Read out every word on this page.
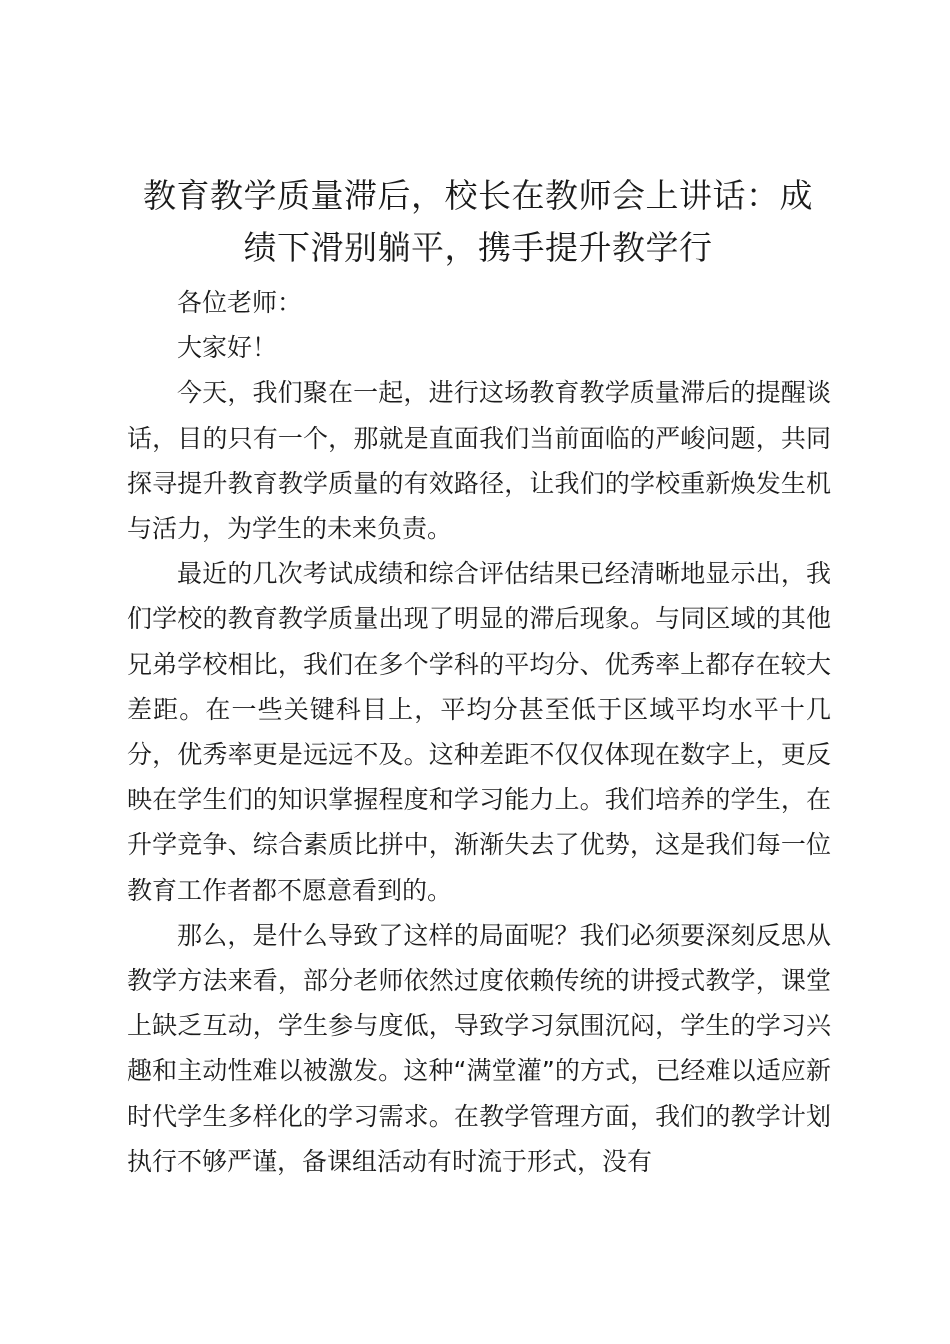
教育教学质量滞后，校长在教师会上讲话：成
绩下滑别躺平，携手提升教学行

各位老师：

大家好！

今天，我们聚在一起，进行这场教育教学质量滞后的提醒谈话，目的只有一个，那就是直面我们当前面临的严峻问题，共同探寻提升教育教学质量的有效路径，让我们的学校重新焕发生机与活力，为学生的未来负责。

最近的几次考试成绩和综合评估结果已经清晰地显示出，我们学校的教育教学质量出现了明显的滞后现象。与同区域的其他兄弟学校相比，我们在多个学科的平均分、优秀率上都存在较大差距。在一些关键科目上，平均分甚至低于区域平均水平十几分，优秀率更是远远不及。这种差距不仅仅体现在数字上，更反映在学生们的知识掌握程度和学习能力上。我们培养的学生，在升学竞争、综合素质比拼中，渐渐失去了优势，这是我们每一位教育工作者都不愿意看到的。

那么，是什么导致了这样的局面呢？我们必须要深刻反思从教学方法来看，部分老师依然过度依赖传统的讲授式教学，课堂上缺乏互动，学生参与度低，导致学习氛围沉闷，学生的学习兴趣和主动性难以被激发。这种“满堂灌”的方式，已经难以适应新时代学生多样化的学习需求。在教学管理方面，我们的教学计划执行不够严谨，备课组活动有时流于形式，没有
